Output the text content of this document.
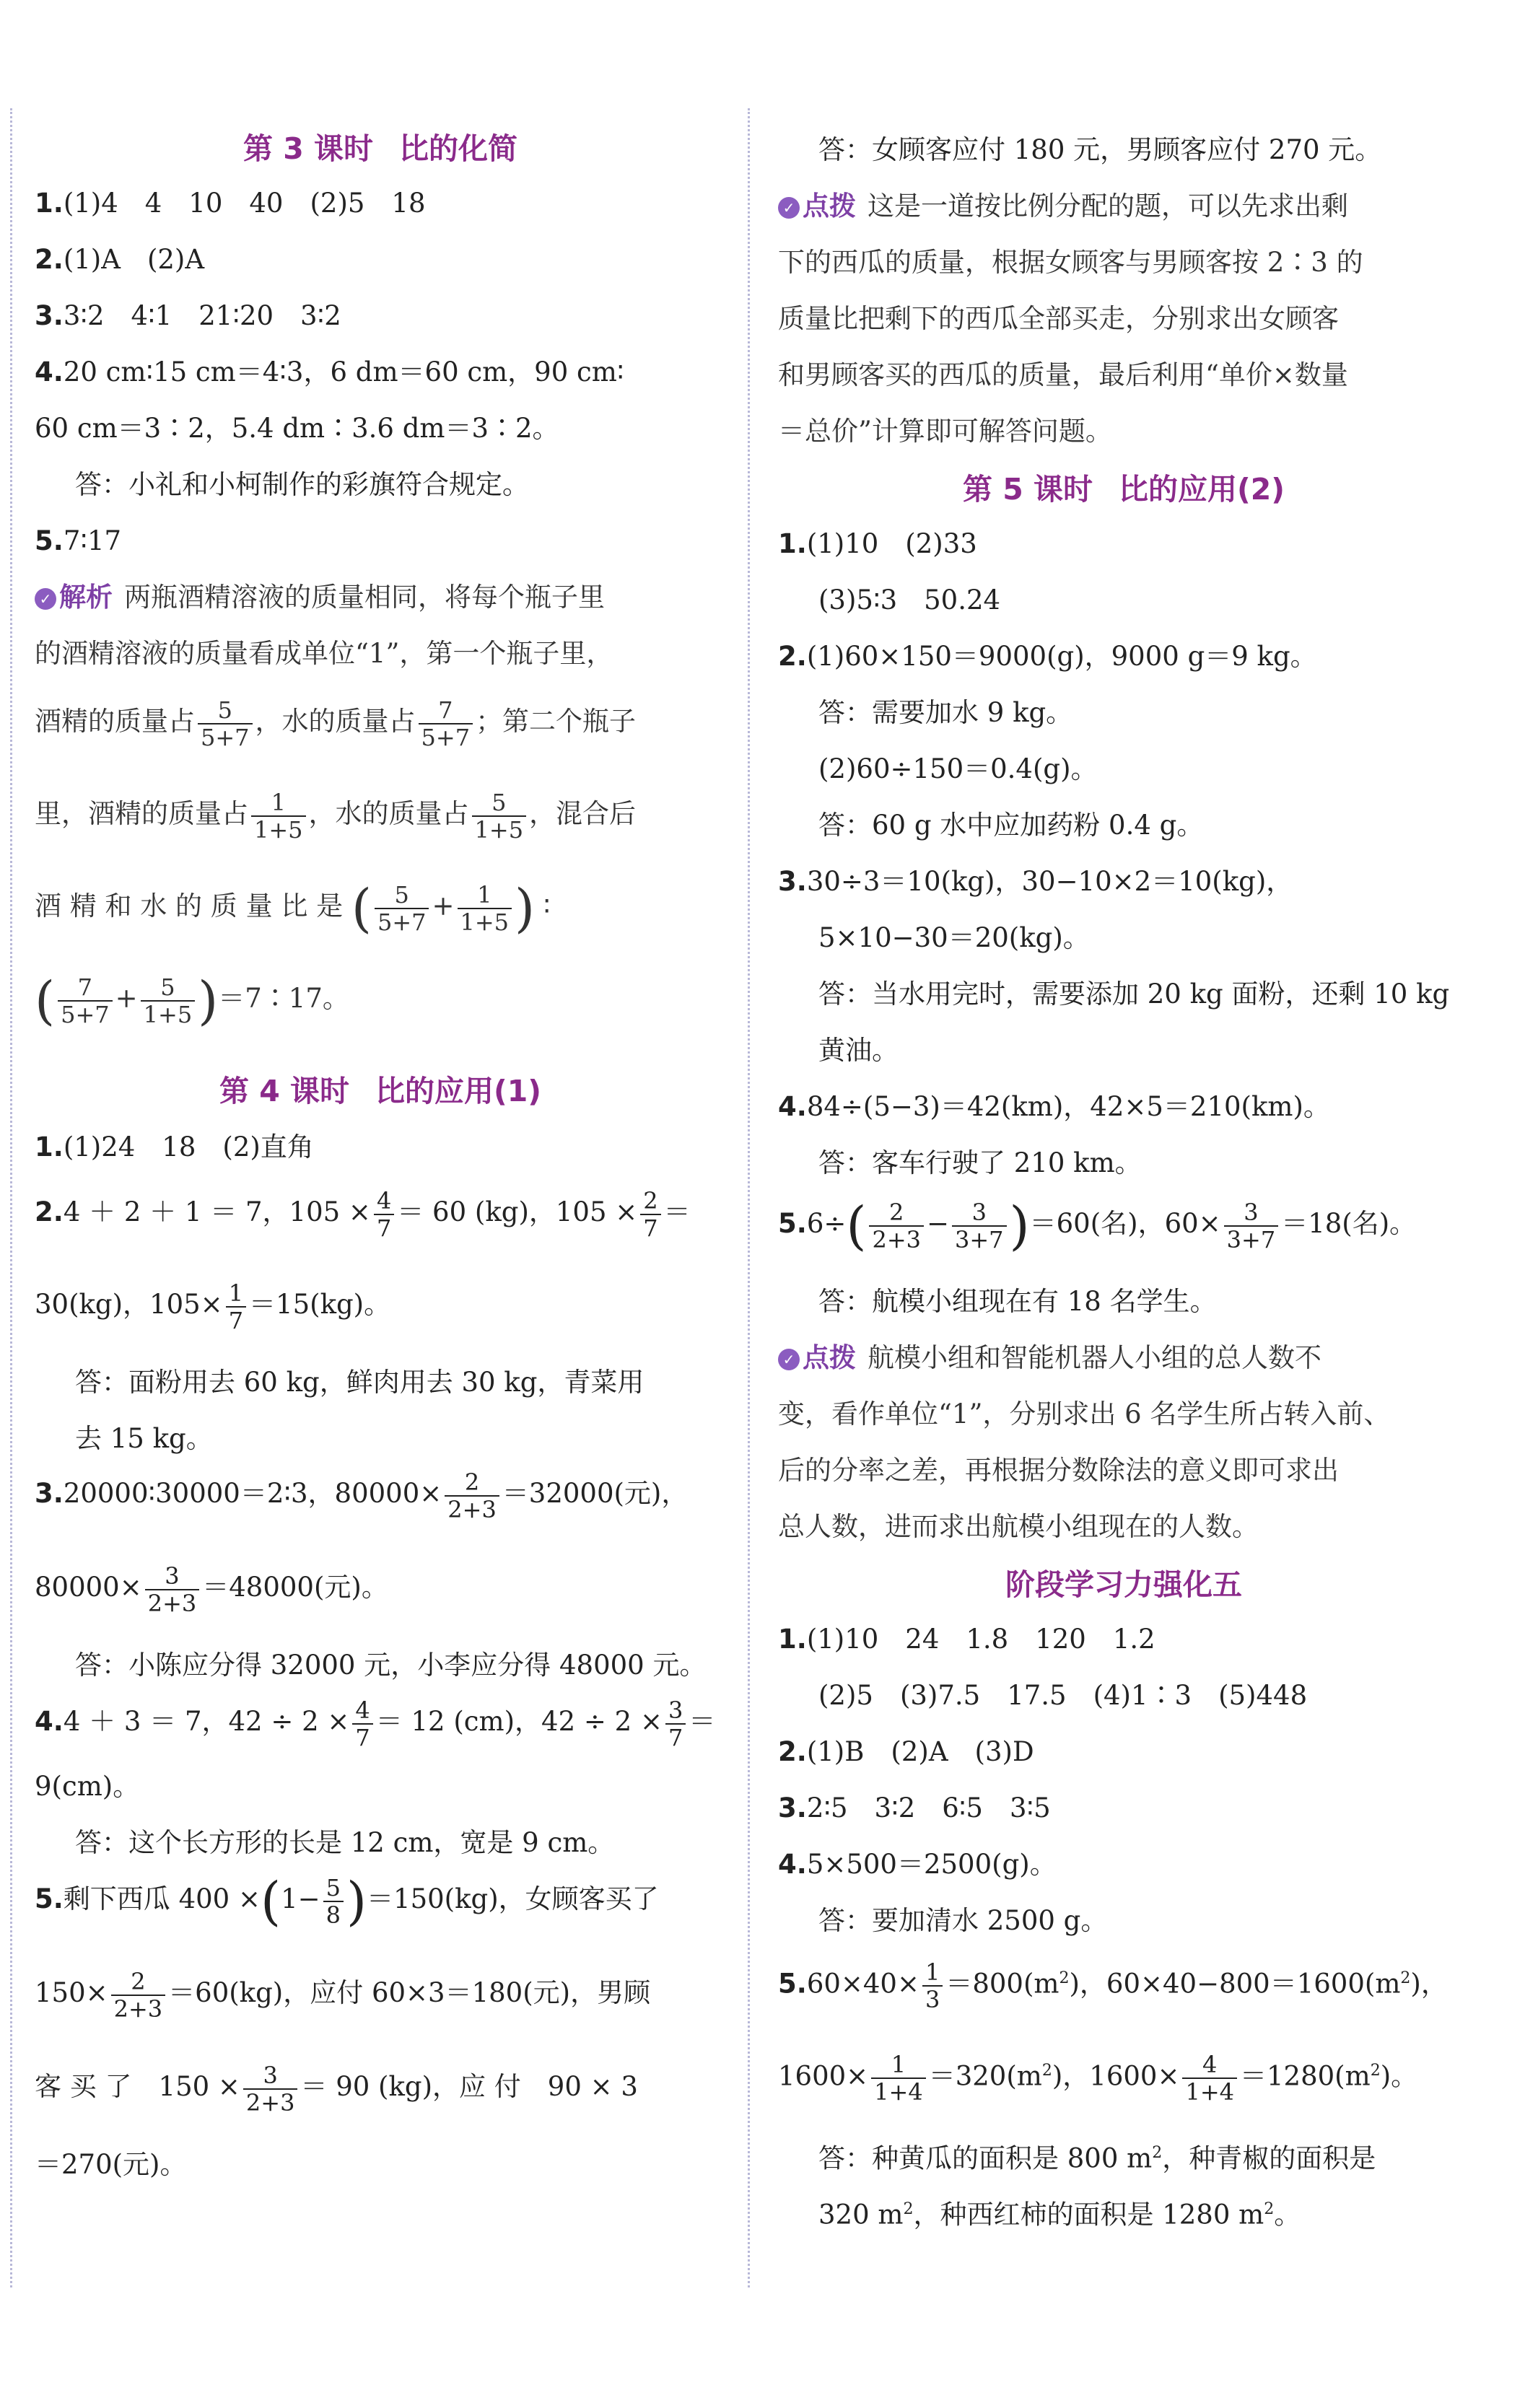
第 3 课时 比的化简
1.(1)4　4　10　40　(2)5　18
2.(1)A　(2)A
3.3∶2　4∶1　21∶20　3∶2
4.20 cm∶15 cm＝4∶3，6 dm＝60 cm，90 cm∶
60 cm＝3∶2，5.4 dm∶3.6 dm＝3∶2。
答：小礼和小柯制作的彩旗符合规定。
5.7∶17
✓ 解析 两瓶酒精溶液的质量相同，将每个瓶子里
的酒精溶液的质量看成单位“1”，第一个瓶子里，
酒精的质量占 $\frac{5}{5+7}$ ，水的质量占 $\frac{7}{5+7}$ ；第二个瓶子
里，酒精的质量占 $\frac{1}{1+5}$ ，水的质量占 $\frac{5}{1+5}$ ，混合后
酒 精 和 水 的 质 量 比 是 ( $\frac{5}{5+7} + \frac{1}{1+5}$ ) ∶
( $\frac{7}{5+7} + \frac{5}{1+5}$ )＝7∶17。
第 4 课时 比的应用(1)
1.(1)24　18　(2)直角
2.4 ＋ 2 ＋ 1 ＝ 7，$105 \times \frac{4}{7} = 60$ (kg)，$105 \times \frac{2}{7}$ ＝
30(kg)，$105\times \frac{1}{7} =15(kg)$。
答：面粉用去 60 kg，鲜肉用去 30 kg，青菜用
去 15 kg。
3.20000∶30000＝2∶3，$80000\times \frac{2}{2+3} =32000$(元)，
$80000\times \frac{3}{2+3} =48000$(元)。
答：小陈应分得 32000 元，小李应分得 48000 元。
4.4 ＋ 3 ＝ 7，$42 \div 2 \times \frac{4}{7} = 12$ (cm)，$42 \div 2 \times \frac{3}{7}$ ＝
9(cm)。
答：这个长方形的长是 12 cm，宽是 9 cm。
5.剩下西瓜 $400 \times(1- \frac{5}{8} )=150(kg)$，女顾客买了
$150\times \frac{2}{2+3} =60(kg)$，应付 60×3＝180(元)，男顾
客 买 了　$150 \times \frac{3}{2+3} = 90$ (kg)，应 付　90 × 3
＝270(元)。
答：女顾客应付 180 元，男顾客应付 270 元。
✓ 点拨 这是一道按比例分配的题，可以先求出剩
下的西瓜的质量，根据女顾客与男顾客按 2∶3 的
质量比把剩下的西瓜全部买走，分别求出女顾客
和男顾客买的西瓜的质量，最后利用“单价×数量
＝总价”计算即可解答问题。
第 5 课时 比的应用(2)
1.(1)10　(2)33
(3)5∶3　50.24
2.(1)60×150＝9000(g)，9000 g＝9 kg。
答：需要加水 9 kg。
(2)60÷150＝0.4(g)。
答：60 g 水中应加药粉 0.4 g。
3.30÷3＝10(kg)，30−10×2＝10(kg)，
5×10−30＝20(kg)。
答：当水用完时，需要添加 20 kg 面粉，还剩 10 kg
黄油。
4.84÷(5−3)＝42(km)，42×5＝210(km)。
答：客车行驶了 210 km。
$5.6\div( \frac{2}{2+3} - \frac{3}{3+7} )=60$(名)，$60\times \frac{3}{3+7} =18$(名)。
答：航模小组现在有 18 名学生。
✓ 点拨 航模小组和智能机器人小组的总人数不
变，看作单位“1”，分别求出 6 名学生所占转入前、
后的分率之差，再根据分数除法的意义即可求出
总人数，进而求出航模小组现在的人数。
阶段学习力强化五
1.(1)10　24　1.8　120　1.2
(2)5　(3)7.5　17.5　(4)1∶3　(5)448
2.(1)B　(2)A　(3)D
3.2∶5　3∶2　6∶5　3∶5
4.5×500＝2500(g)。
答：要加清水 2500 g。
$5.60\times 40\times \frac{1}{3} =800(m^2)$，$60\times 40-800=1600(m^2)$，
$1600\times \frac{1}{1+4} =320(m^2)$，$1600\times \frac{4}{1+4} =1280(m^2)$。
答：种黄瓜的面积是 800 $m^2$，种青椒的面积是
320 $m^2$，种西红柿的面积是 1280 $m^2$。
